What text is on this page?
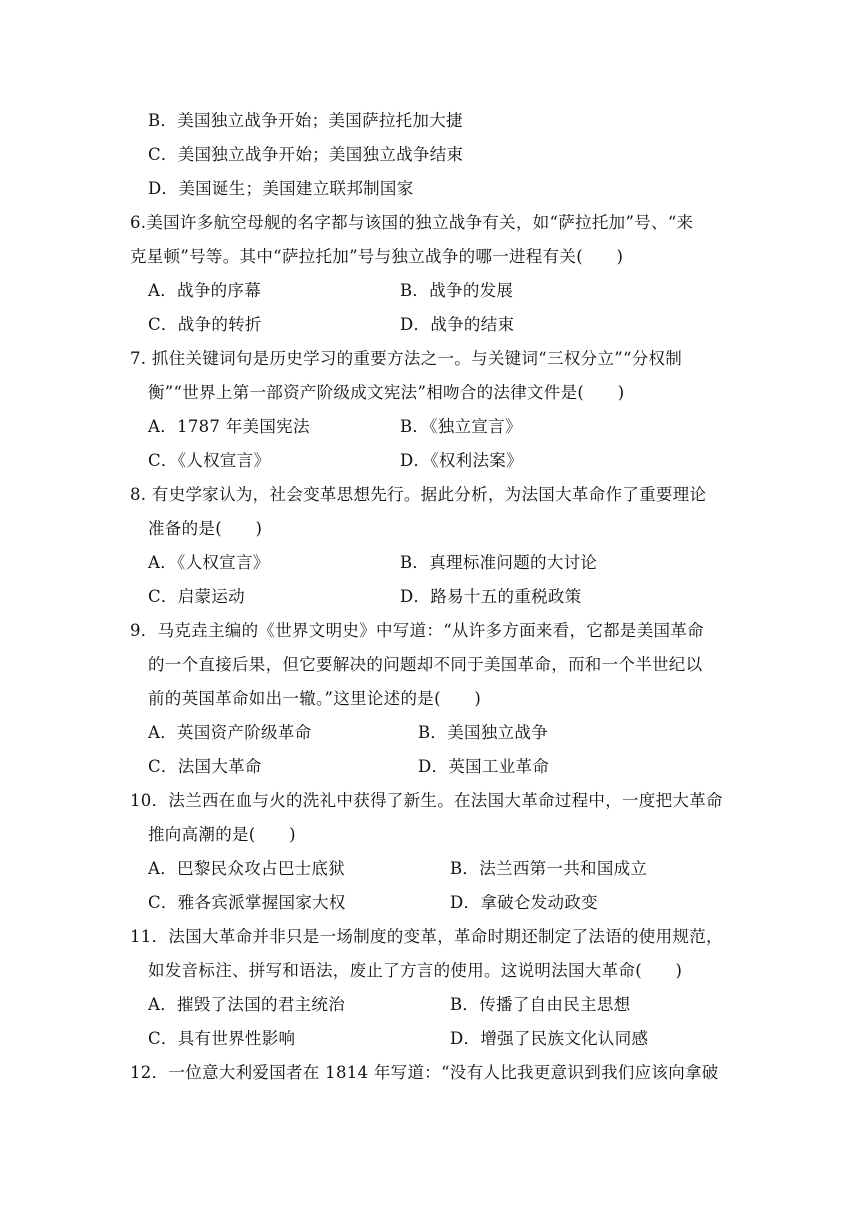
B．美国独立战争开始；美国萨拉托加大捷
C．美国独立战争开始；美国独立战争结束
D．美国诞生；美国建立联邦制国家
6.美国许多航空母舰的名字都与该国的独立战争有关，如“萨拉托加”号、“来
克星顿”号等。其中“萨拉托加”号与独立战争的哪一进程有关(　　)
A．战争的序幕	B．战争的发展
C．战争的转折	D．战争的结束
7. 抓住关键词句是历史学习的重要方法之一。与关键词“三权分立”“分权制
衡”“世界上第一部资产阶级成文宪法”相吻合的法律文件是(　　)
A．1787 年美国宪法	B．《独立宣言》
C．《人权宣言》	D．《权利法案》
8. 有史学家认为，社会变革思想先行。据此分析，为法国大革命作了重要理论
准备的是(　　)
A．《人权宣言》	B．真理标准问题的大讨论
C．启蒙运动	D．路易十五的重税政策
9．马克垚主编的《世界文明史》中写道：“从许多方面来看，它都是美国革命
的一个直接后果，但它要解决的问题却不同于美国革命，而和一个半世纪以
前的英国革命如出一辙。”这里论述的是(　　)
A．英国资产阶级革命	B．美国独立战争
C．法国大革命	D．英国工业革命
10．法兰西在血与火的洗礼中获得了新生。在法国大革命过程中，一度把大革命
推向高潮的是(　　)
A．巴黎民众攻占巴士底狱	B．法兰西第一共和国成立
C．雅各宾派掌握国家大权	D．拿破仑发动政变
11．法国大革命并非只是一场制度的变革，革命时期还制定了法语的使用规范，
如发音标注、拼写和语法，废止了方言的使用。这说明法国大革命(　　)
A．摧毁了法国的君主统治	B．传播了自由民主思想
C．具有世界性影响	D．增强了民族文化认同感
12．一位意大利爱国者在 1814 年写道：“没有人比我更意识到我们应该向拿破
